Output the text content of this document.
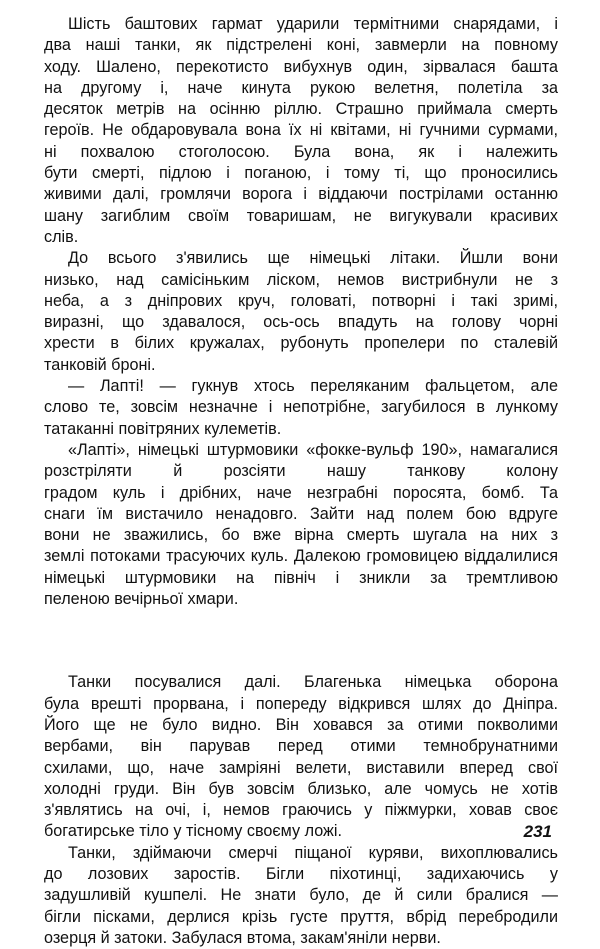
Шість баштових гармат ударили термітними снарядами, і
два наші танки, як підстрелені коні, завмерли на повному
ходу. Шалено, перекотисто вибухнув один, зірвалася башта
на другому і, наче кинута рукою велетня, полетіла за
десяток метрів на осінню ріллю. Страшно приймала смерть
героїв. Не обдаровувала вона їх ні квітами, ні гучними сурмами,
ні похвалою стоголосою. Була вона, як і належить
бути смерті, підлою і поганою, і тому ті, що проносились
живими далі, громлячи ворога і віддаючи пострілами останню
шану загиблим своїм товаришам, не вигукували красивих
слів.
До всього з'явились ще німецькі літаки. Йшли вони
низько, над самісіньким ліском, немов вистрибнули не з
неба, а з дніпрових круч, головаті, потворні і такі зримі,
виразні, що здавалося, ось-ось впадуть на голову чорні
хрести в білих кружалах, рубонуть пропелери по сталевій
танковій броні.
— Лапті! — гукнув хтось переляканим фальцетом, але
слово те, зовсім незначне і непотрібне, загубилося в лункому
татаканні повітряних кулеметів.
«Лапті», німецькі штурмовики «фокке-вульф 190», намагалися
розстріляти й розсіяти нашу танкову колону
градом куль і дрібних, наче незграбні поросята, бомб. Та
снаги їм вистачило ненадовго. Зайти над полем бою вдруге
вони не зважились, бо вже вірна смерть шугала на них з
землі потоками трасуючих куль. Далекою громовицею віддалилися
німецькі штурмовики на північ і зникли за тремтливою
пеленою вечірньої хмари.
Танки посувалися далі. Благенька німецька оборона
була врешті прорвана, і попереду відкрився шлях до Дніпра.
Його ще не було видно. Він ховався за отими покволими
вербами, він парував перед отими темнобрунатними
схилами, що, наче замріяні велети, виставили вперед свої
холодні груди. Він був зовсім близько, але чомусь не хотів
з'являтись на очі, і, немов граючись у піжмурки, ховав своє
богатирське тіло у тісному своєму ложі.
Танки, здіймаючи смерчі піщаної куряви, вихоплювались
до лозових заростів. Бігли піхотинці, задихаючись у
задушливій кушпелі. Не знати було, де й сили бралися —
бігли пісками, дерлися крізь густе пруття, вбрід перебродили
озерця й затоки. Забулася втома, закам'яніли нерви.
231
